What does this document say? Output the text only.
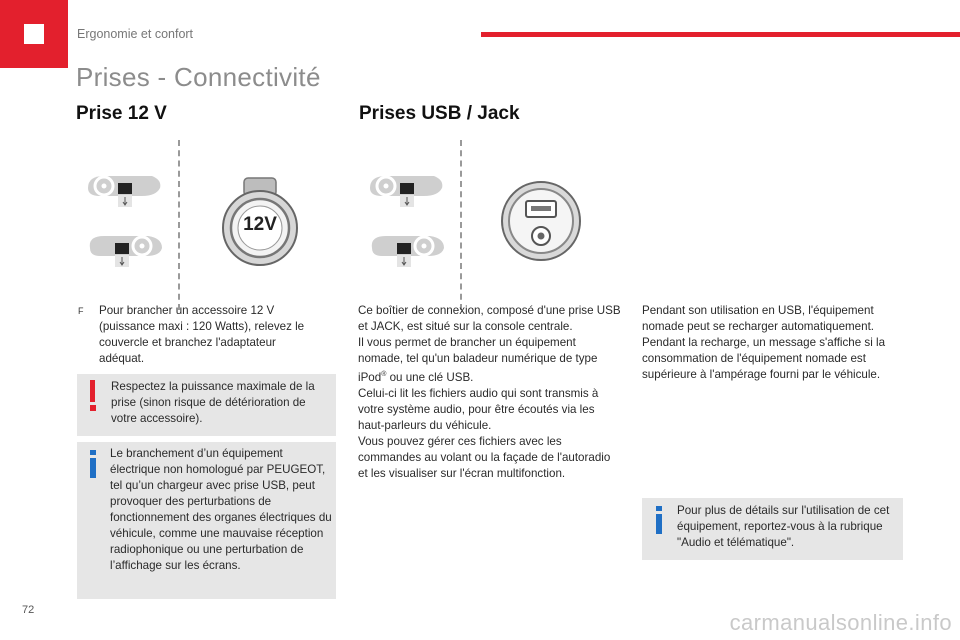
Ergonomie et confort
Prises - Connectivité
Prise 12 V	Prises USB / Jack
12V
F Pour brancher un accessoire 12 V (puissance maxi : 120 Watts), relevez le couvercle et branchez l'adaptateur adéquat.
Respectez la puissance maximale de la prise (sinon risque de détérioration de votre accessoire).
Le branchement d’un équipement électrique non homologué par PEUGEOT, tel qu’un chargeur avec prise USB, peut provoquer des perturbations de fonctionnement des organes électriques du véhicule, comme une mauvaise réception radiophonique ou une perturbation de l’affichage sur les écrans.
Ce boîtier de connexion, composé d'une prise USB et JACK, est situé sur la console centrale.
Il vous permet de brancher un équipement nomade, tel qu'un baladeur numérique de type iPod® ou une clé USB.
Celui-ci lit les fichiers audio qui sont transmis à votre système audio, pour être écoutés via les haut-parleurs du véhicule.
Vous pouvez gérer ces fichiers avec les commandes au volant ou la façade de l'autoradio et les visualiser sur l'écran multifonction.
Pendant son utilisation en USB, l'équipement nomade peut se recharger automatiquement. Pendant la recharge, un message s'affiche si la consommation de l'équipement nomade est supérieure à l'ampérage fourni par le véhicule.
Pour plus de détails sur l'utilisation de cet équipement, reportez-vous à la rubrique "Audio et télématique".
72	carmanualsonline.info
